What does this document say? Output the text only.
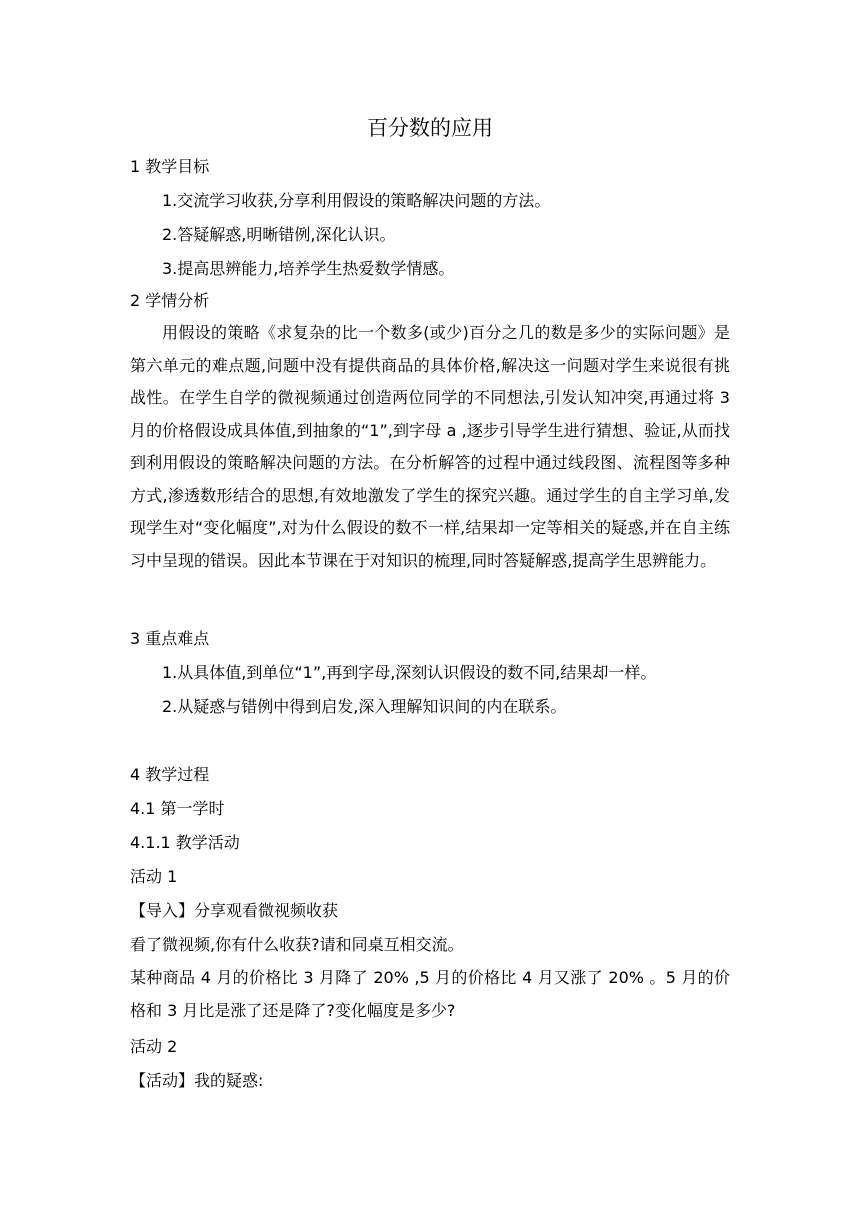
百分数的应用
1 教学目标
1.交流学习收获,分享利用假设的策略解决问题的方法。
2.答疑解惑,明晰错例,深化认识。
3.提高思辨能力,培养学生热爱数学情感。
2 学情分析

用假设的策略《求复杂的比一个数多(或少)百分之几的数是多少的实际问题》是第六单元的难点题,问题中没有提供商品的具体价格,解决这一问题对学生来说很有挑战性。在学生自学的微视频通过创造两位同学的不同想法,引发认知冲突,再通过将 3 月的价格假设成具体值,到抽象的“1”,到字母 a ,逐步引导学生进行猜想、验证,从而找到利用假设的策略解决问题的方法。在分析解答的过程中通过线段图、流程图等多种方式,渗透数形结合的思想,有效地激发了学生的探究兴趣。通过学生的自主学习单,发现学生对“变化幅度”,对为什么假设的数不一样,结果却一定等相关的疑惑,并在自主练习中呈现的错误。因此本节课在于对知识的梳理,同时答疑解惑,提高学生思辨能力。

3 重点难点
1.从具体值,到单位“1”,再到字母,深刻认识假设的数不同,结果却一样。
2.从疑惑与错例中得到启发,深入理解知识间的内在联系。
4 教学过程
4.1 第一学时
4.1.1 教学活动
活动 1
【导入】分享观看微视频收获
看了微视频,你有什么收获?请和同桌互相交流。

某种商品 4 月的价格比 3 月降了 20% ,5 月的价格比 4 月又涨了 20% 。5 月的价格和 3 月比是涨了还是降了?变化幅度是多少?

活动 2
【活动】我的疑惑:
